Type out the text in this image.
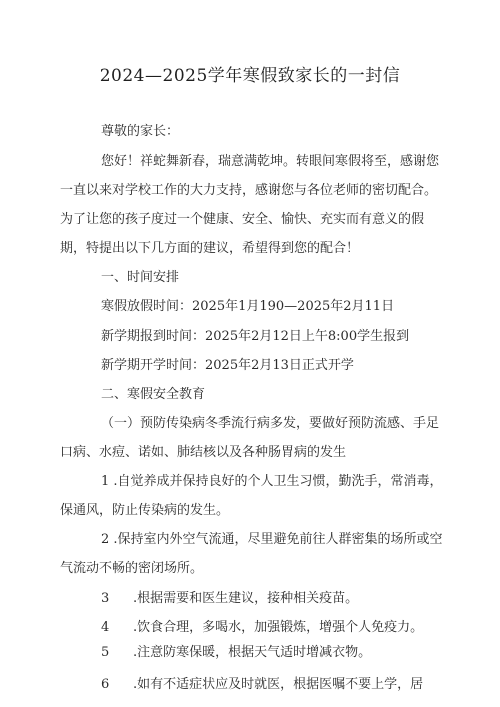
2024—2025学年寒假致家长的一封信
尊敬的家长：
您好！祥蛇舞新春，瑞意满乾坤。转眼间寒假将至，感谢您
一直以来对学校工作的大力支持，感谢您与各位老师的密切配合。
为了让您的孩子度过一个健康、安全、愉快、充实而有意义的假
期，特提出以下几方面的建议，希望得到您的配合！
一、时间安排
寒假放假时间：2025年1月190—2025年2月11日
新学期报到时间：2025年2月12日上午8:00学生报到
新学期开学时间：2025年2月13日正式开学
二、寒假安全教育
（一）预防传染病冬季流行病多发，要做好预防流感、手足
口病、水痘、诺如、肺结核以及各种肠胃病的发生
1 .自觉养成并保持良好的个人卫生习惯，勤洗手，常消毒，
保通风，防止传染病的发生。
2 .保持室内外空气流通，尽里避免前往人群密集的场所或空
气流动不畅的密闭场所。
3 .根据需要和医生建议，接种相关疫苗。
4 .饮食合理，多喝水，加强锻炼，增强个人免疫力。
5 .注意防寒保暖，根据天气适时增减衣物。
6 .如有不适症状应及时就医，根据医嘱不要上学，居
